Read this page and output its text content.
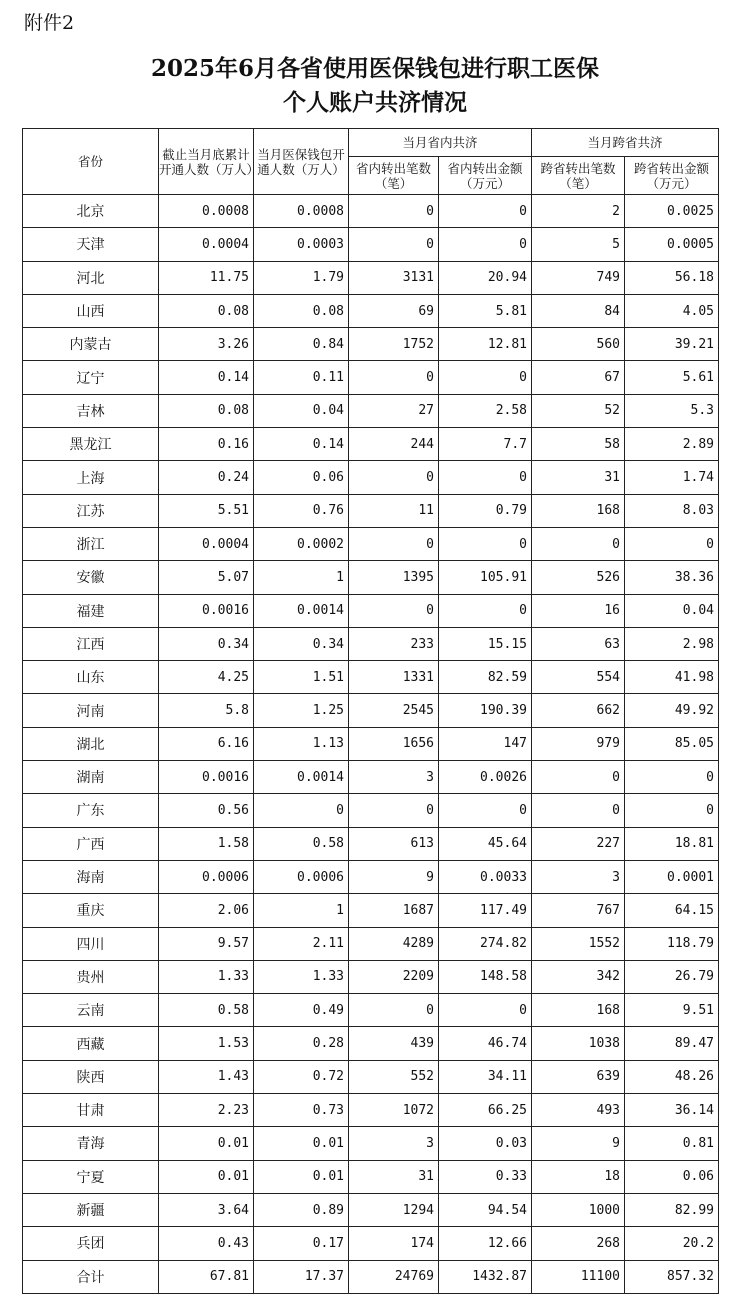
附件2
2025年6月各省使用医保钱包进行职工医保
个人账户共济情况
省份	截止当月底累计开通人数（万人）	当月医保钱包开通人数（万人）	当月省内共济		当月跨省共济	
			省内转出笔数（笔）	省内转出金额（万元）	跨省转出笔数（笔）	跨省转出金额（万元）
北京	0.0008	0.0008	0	0	2	0.0025
天津	0.0004	0.0003	0	0	5	0.0005
河北	11.75	1.79	3131	20.94	749	56.18
山西	0.08	0.08	69	5.81	84	4.05
内蒙古	3.26	0.84	1752	12.81	560	39.21
辽宁	0.14	0.11	0	0	67	5.61
吉林	0.08	0.04	27	2.58	52	5.3
黑龙江	0.16	0.14	244	7.7	58	2.89
上海	0.24	0.06	0	0	31	1.74
江苏	5.51	0.76	11	0.79	168	8.03
浙江	0.0004	0.0002	0	0	0	0
安徽	5.07	1	1395	105.91	526	38.36
福建	0.0016	0.0014	0	0	16	0.04
江西	0.34	0.34	233	15.15	63	2.98
山东	4.25	1.51	1331	82.59	554	41.98
河南	5.8	1.25	2545	190.39	662	49.92
湖北	6.16	1.13	1656	147	979	85.05
湖南	0.0016	0.0014	3	0.0026	0	0
广东	0.56	0	0	0	0	0
广西	1.58	0.58	613	45.64	227	18.81
海南	0.0006	0.0006	9	0.0033	3	0.0001
重庆	2.06	1	1687	117.49	767	64.15
四川	9.57	2.11	4289	274.82	1552	118.79
贵州	1.33	1.33	2209	148.58	342	26.79
云南	0.58	0.49	0	0	168	9.51
西藏	1.53	0.28	439	46.74	1038	89.47
陕西	1.43	0.72	552	34.11	639	48.26
甘肃	2.23	0.73	1072	66.25	493	36.14
青海	0.01	0.01	3	0.03	9	0.81
宁夏	0.01	0.01	31	0.33	18	0.06
新疆	3.64	0.89	1294	94.54	1000	82.99
兵团	0.43	0.17	174	12.66	268	20.2
合计	67.81	17.37	24769	1432.87	11100	857.32
